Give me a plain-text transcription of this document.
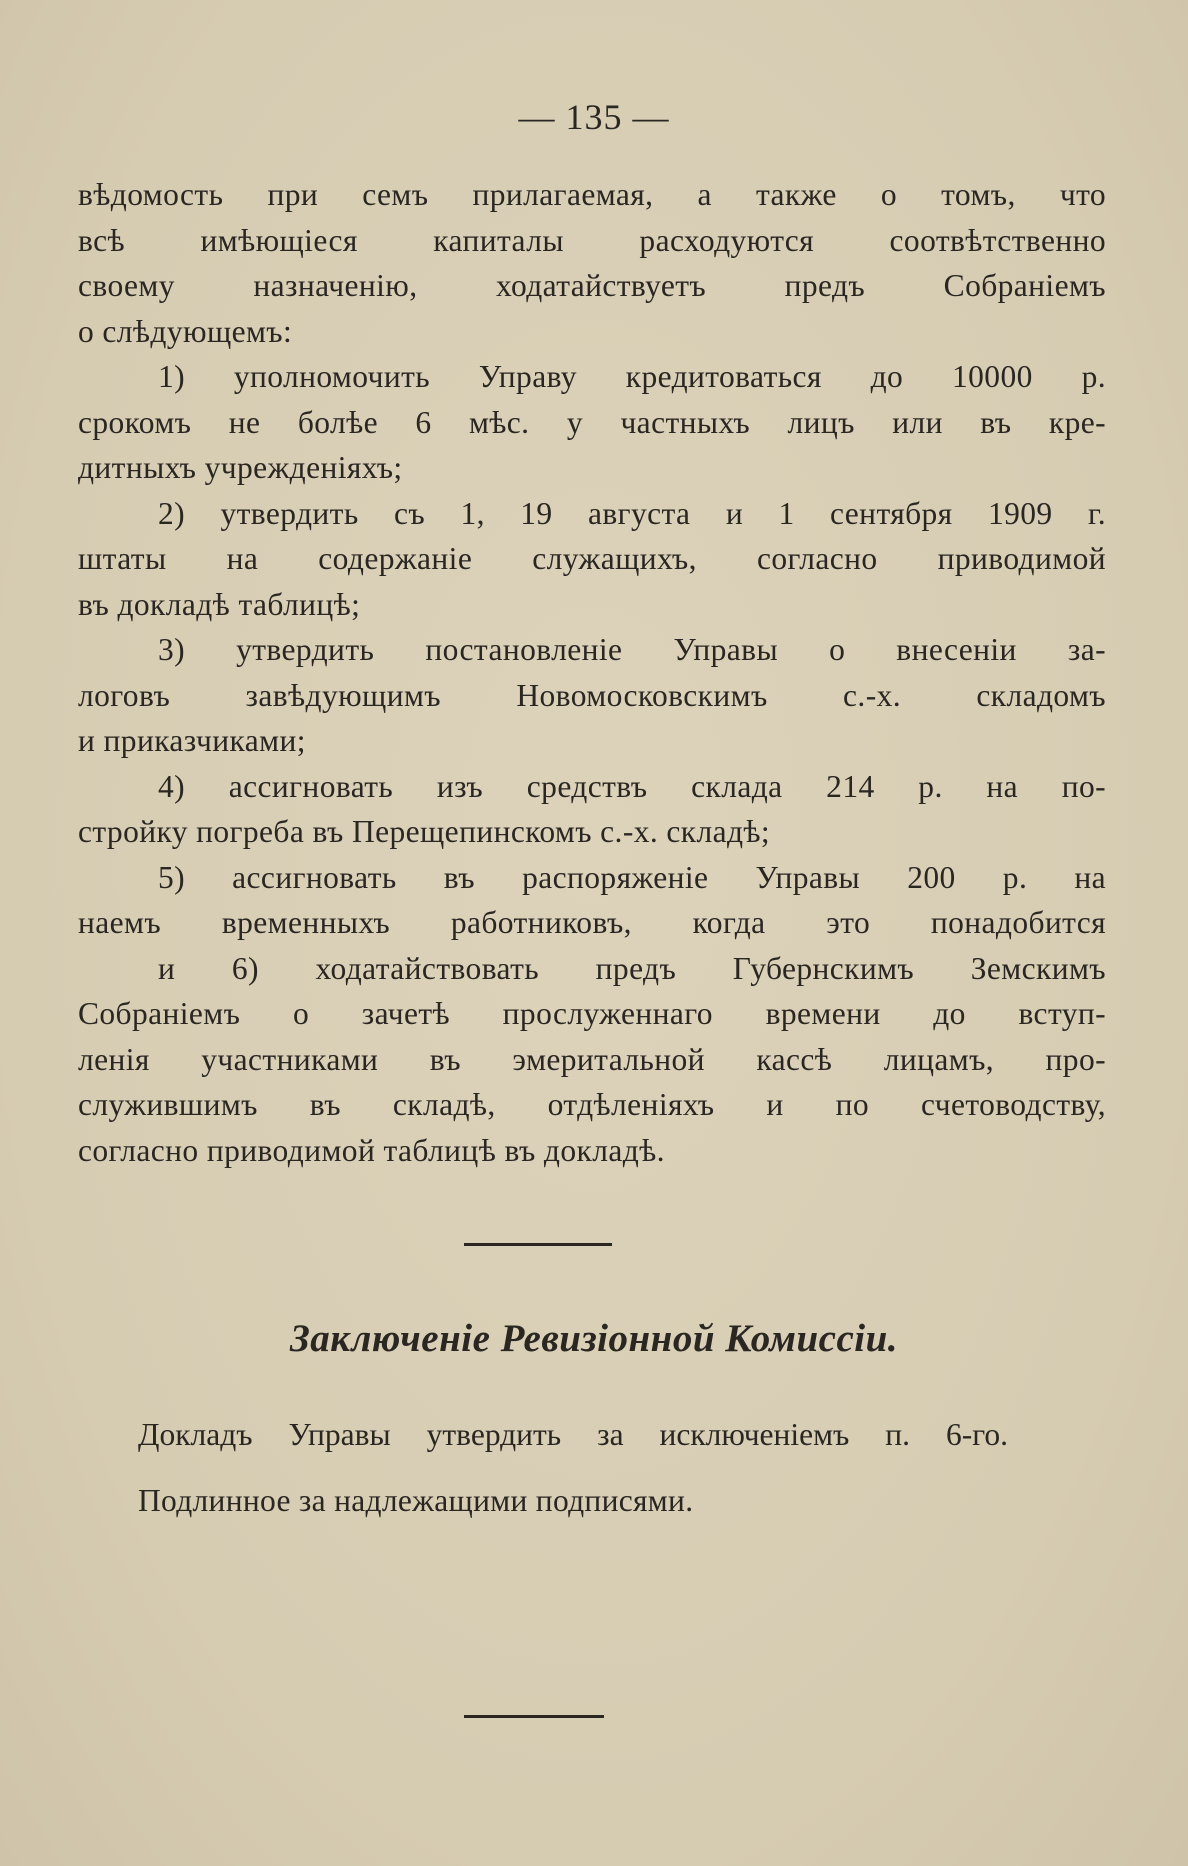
— 135 —
вѣдомость при семъ прилагаемая, а также о томъ, что
всѣ имѣющіеся капиталы расходуются соотвѣтственно
своему назначенію, ходатайствуетъ предъ Собраніемъ
о слѣдующемъ:
1) уполномочить Управу кредитоваться до 10000 р.
срокомъ не болѣе 6 мѣс. у частныхъ лицъ или въ кре-
дитныхъ учрежденіяхъ;
2) утвердить съ 1, 19 августа и 1 сентября 1909 г.
штаты на содержаніе служащихъ, согласно приводимой
въ докладѣ таблицѣ;
3) утвердить постановленіе Управы о внесеніи за-
логовъ завѣдующимъ Новомосковскимъ с.-х. складомъ
и приказчиками;
4) ассигновать изъ средствъ склада 214 р. на по-
стройку погреба въ Перещепинскомъ с.-х. складѣ;
5) ассигновать въ распоряженіе Управы 200 р. на
наемъ временныхъ работниковъ, когда это понадобится
и 6) ходатайствовать предъ Губернскимъ Земскимъ
Собраніемъ о зачетѣ прослуженнаго времени до вступ-
ленія участниками въ эмеритальной кассѣ лицамъ, про-
служившимъ въ складѣ, отдѣленіяхъ и по счетоводству,
согласно приводимой таблицѣ въ докладѣ.
Заключеніе Ревизіонной Комиссіи.
Докладъ Управы утвердить за исключеніемъ п. 6-го.
Подлинное за надлежащими подписями.
